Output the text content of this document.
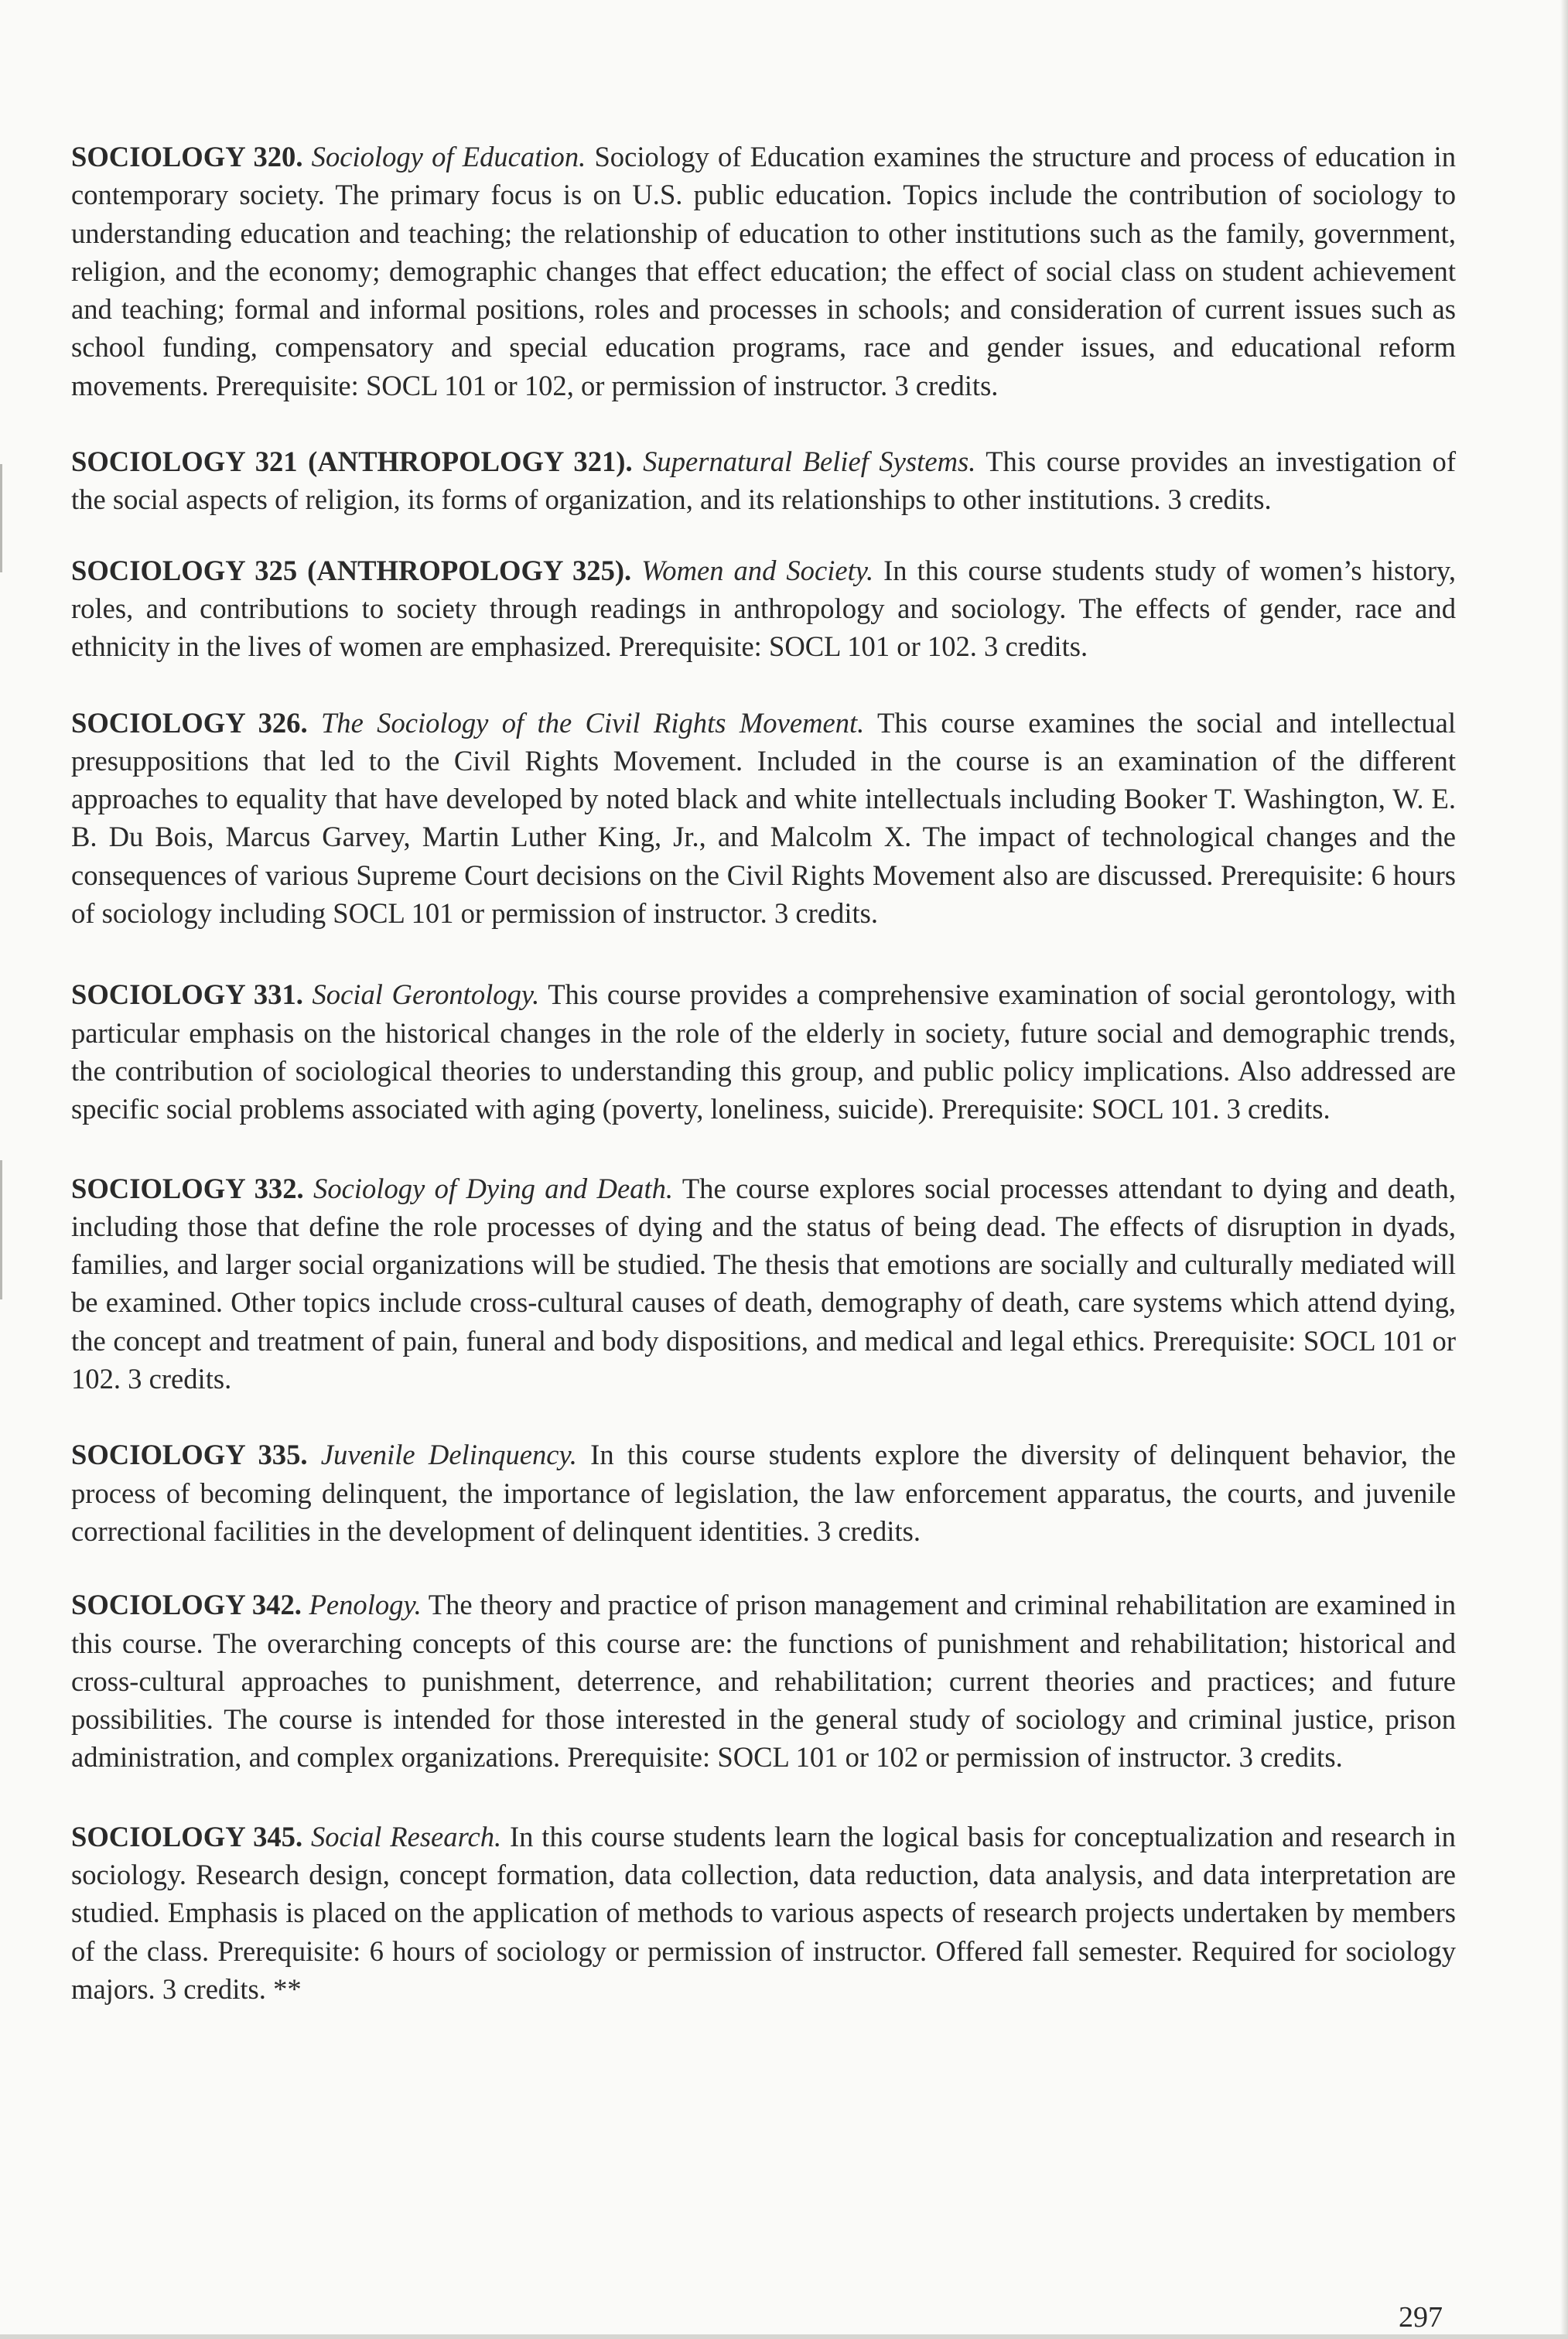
SOCIOLOGY 320. Sociology of Education. Sociology of Education examines the structure and process of education in contemporary society. The primary focus is on U.S. public education. Topics include the contribution of sociology to understanding education and teaching; the relationship of education to other institutions such as the family, government, religion, and the economy; demographic changes that effect education; the effect of social class on student achievement and teaching; formal and informal positions, roles and processes in schools; and consideration of current issues such as school funding, compensatory and special education programs, race and gender issues, and educational reform movements. Prerequisite: SOCL 101 or 102, or permission of instructor. 3 credits.

SOCIOLOGY 321 (ANTHROPOLOGY 321). Supernatural Belief Systems. This course provides an investigation of the social aspects of religion, its forms of organization, and its relationships to other institutions. 3 credits.

SOCIOLOGY 325 (ANTHROPOLOGY 325). Women and Society. In this course students study of women’s history, roles, and contributions to society through readings in anthropology and sociology. The effects of gender, race and ethnicity in the lives of women are emphasized. Prerequisite: SOCL 101 or 102. 3 credits.

SOCIOLOGY 326. The Sociology of the Civil Rights Movement. This course examines the social and intellectual presuppositions that led to the Civil Rights Movement. Included in the course is an examination of the different approaches to equality that have developed by noted black and white intellectuals including Booker T. Washington, W. E. B. Du Bois, Marcus Garvey, Martin Luther King, Jr., and Malcolm X. The impact of technological changes and the consequences of various Supreme Court decisions on the Civil Rights Movement also are discussed. Prerequisite: 6 hours of sociology including SOCL 101 or permission of instructor. 3 credits.

SOCIOLOGY 331. Social Gerontology. This course provides a comprehensive examination of social gerontology, with particular emphasis on the historical changes in the role of the elderly in society, future social and demographic trends, the contribution of sociological theories to understanding this group, and public policy implications. Also addressed are specific social problems associated with aging (poverty, loneliness, suicide). Prerequisite: SOCL 101. 3 credits.

SOCIOLOGY 332. Sociology of Dying and Death. The course explores social processes attendant to dying and death, including those that define the role processes of dying and the status of being dead. The effects of disruption in dyads, families, and larger social organizations will be studied. The thesis that emotions are socially and culturally mediated will be examined. Other topics include cross-cultural causes of death, demography of death, care systems which attend dying, the concept and treatment of pain, funeral and body dispositions, and medical and legal ethics. Prerequisite: SOCL 101 or 102. 3 credits.

SOCIOLOGY 335. Juvenile Delinquency. In this course students explore the diversity of delinquent behavior, the process of becoming delinquent, the importance of legislation, the law enforcement apparatus, the courts, and juvenile correctional facilities in the development of delinquent identities. 3 credits.

SOCIOLOGY 342. Penology. The theory and practice of prison management and criminal rehabilitation are examined in this course. The overarching concepts of this course are: the functions of punishment and rehabilitation; historical and cross-cultural approaches to punishment, deterrence, and rehabilitation; current theories and practices; and future possibilities. The course is intended for those interested in the general study of sociology and criminal justice, prison administration, and complex organizations. Prerequisite: SOCL 101 or 102 or permission of instructor. 3 credits.

SOCIOLOGY 345. Social Research. In this course students learn the logical basis for conceptualization and research in sociology. Research design, concept formation, data collection, data reduction, data analysis, and data interpretation are studied. Emphasis is placed on the application of methods to various aspects of research projects undertaken by members of the class. Prerequisite: 6 hours of sociology or permission of instructor. Offered fall semester. Required for sociology majors. 3 credits. **

297
